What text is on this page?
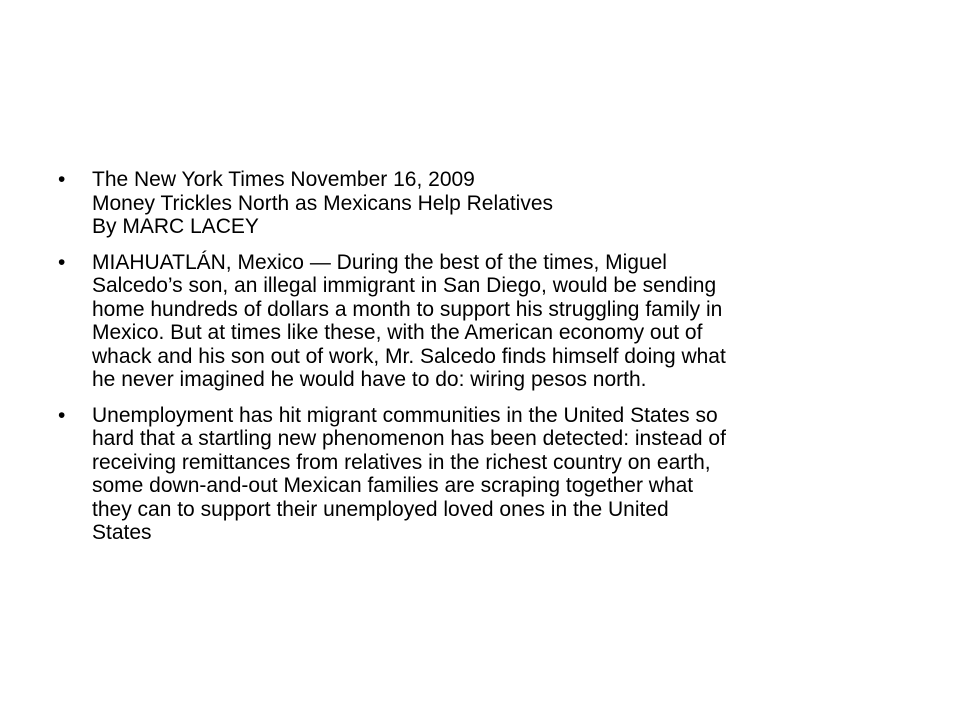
• The New York Times November 16, 2009
Money Trickles North as Mexicans Help Relatives
By MARC LACEY
• MIAHUATLÁN, Mexico — During the best of the times, Miguel
Salcedo’s son, an illegal immigrant in San Diego, would be sending
home hundreds of dollars a month to support his struggling family in
Mexico. But at times like these, with the American economy out of
whack and his son out of work, Mr. Salcedo finds himself doing what
he never imagined he would have to do: wiring pesos north.
• Unemployment has hit migrant communities in the United States so
hard that a startling new phenomenon has been detected: instead of
receiving remittances from relatives in the richest country on earth,
some down-and-out Mexican families are scraping together what
they can to support their unemployed loved ones in the United
States
